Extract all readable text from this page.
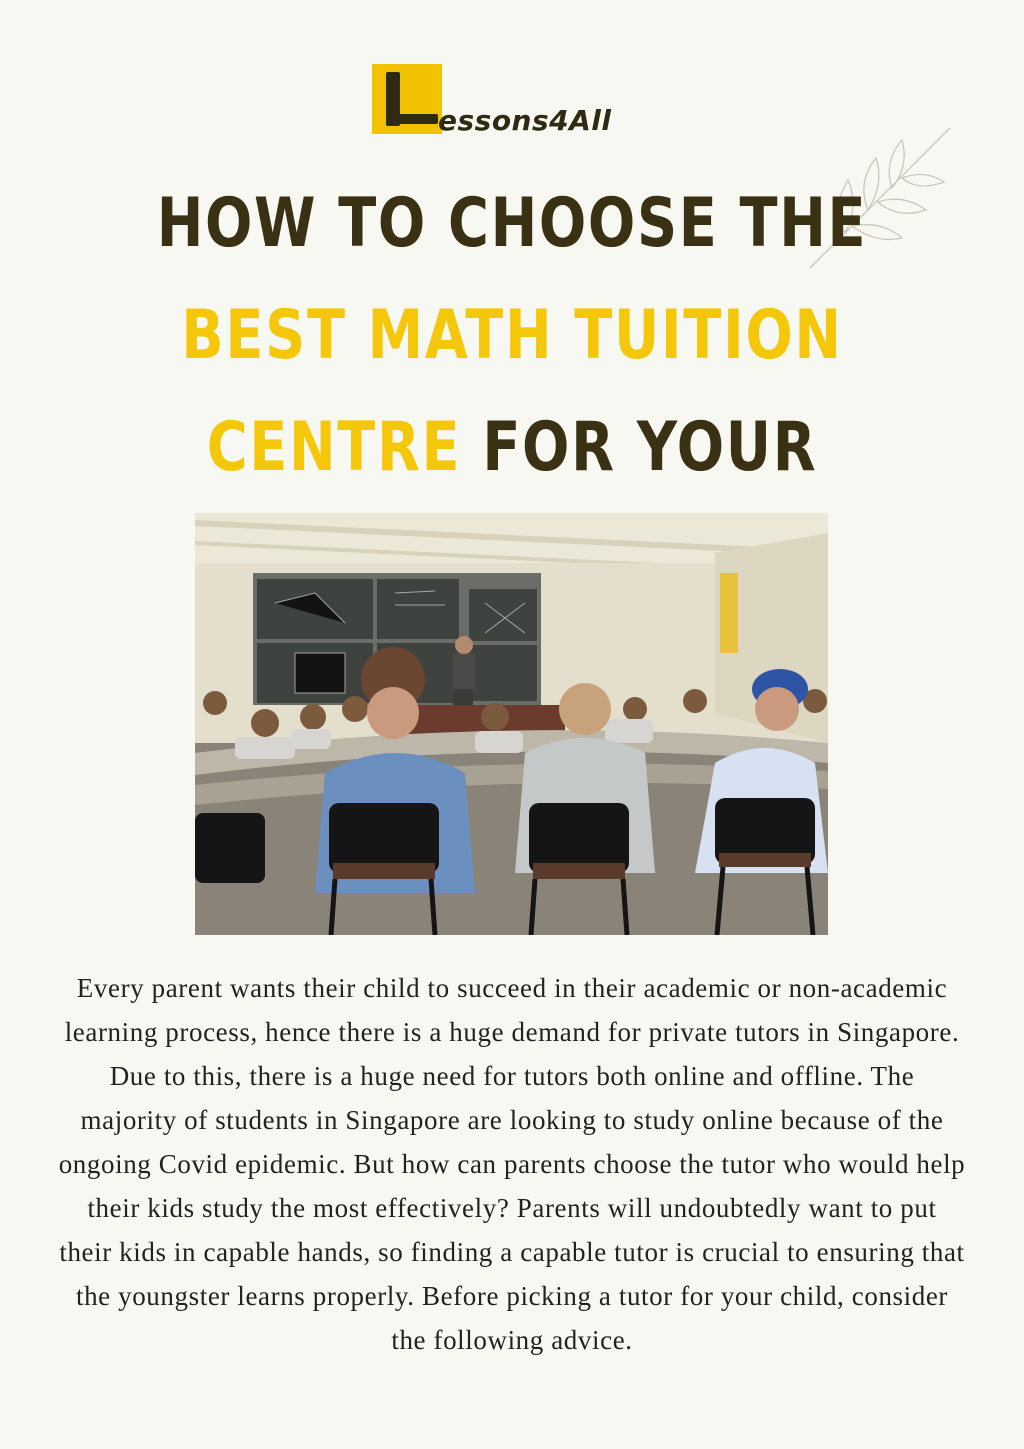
essons4All
HOW TO CHOOSE THE BEST MATH TUITION CENTRE FOR YOUR

Every parent wants their child to succeed in their academic or non-academic learning process, hence there is a huge demand for private tutors in Singapore. Due to this, there is a huge need for tutors both online and offline. The majority of students in Singapore are looking to study online because of the ongoing Covid epidemic. But how can parents choose the tutor who would help their kids study the most effectively? Parents will undoubtedly want to put their kids in capable hands, so finding a capable tutor is crucial to ensuring that the youngster learns properly. Before picking a tutor for your child, consider the following advice.
